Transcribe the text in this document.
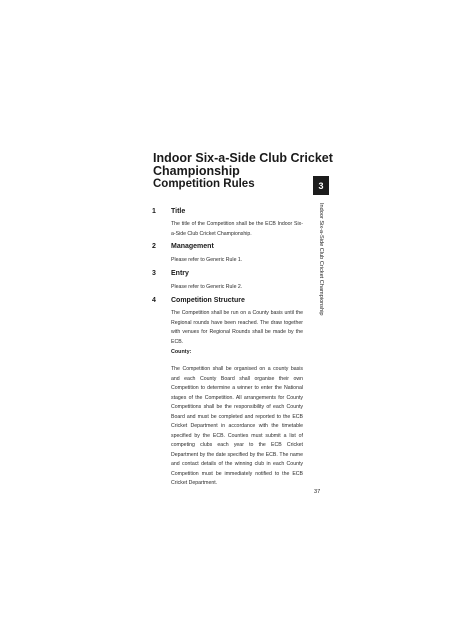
Indoor Six-a-Side Club Cricket Championship
Competition Rules	3
Indoor Six-a-Side Club Cricket Championship
1 Title

The title of the Competition shall be the ECB Indoor Six-a-Side Club Cricket Championship.

2 Management

Please refer to Generic Rule 1.

3 Entry

Please refer to Generic Rule 2.

4 Competition Structure

The Competition shall be run on a County basis until the Regional rounds have been reached. The draw together with venues for Regional Rounds shall be made by the ECB.

County:

The Competition shall be organised on a county basis and each County Board shall organise their own Competition to determine a winner to enter the National stages of the Competition. All arrangements for County Competitions shall be the responsibility of each County Board and must be completed and reported to the ECB Cricket Department in accordance with the timetable specified by the ECB. Counties must submit a list of competing clubs each year to the ECB Cricket Department by the date specified by the ECB. The name and contact details of the winning club in each County Competition must be immediately notified to the ECB Cricket Department.

37
